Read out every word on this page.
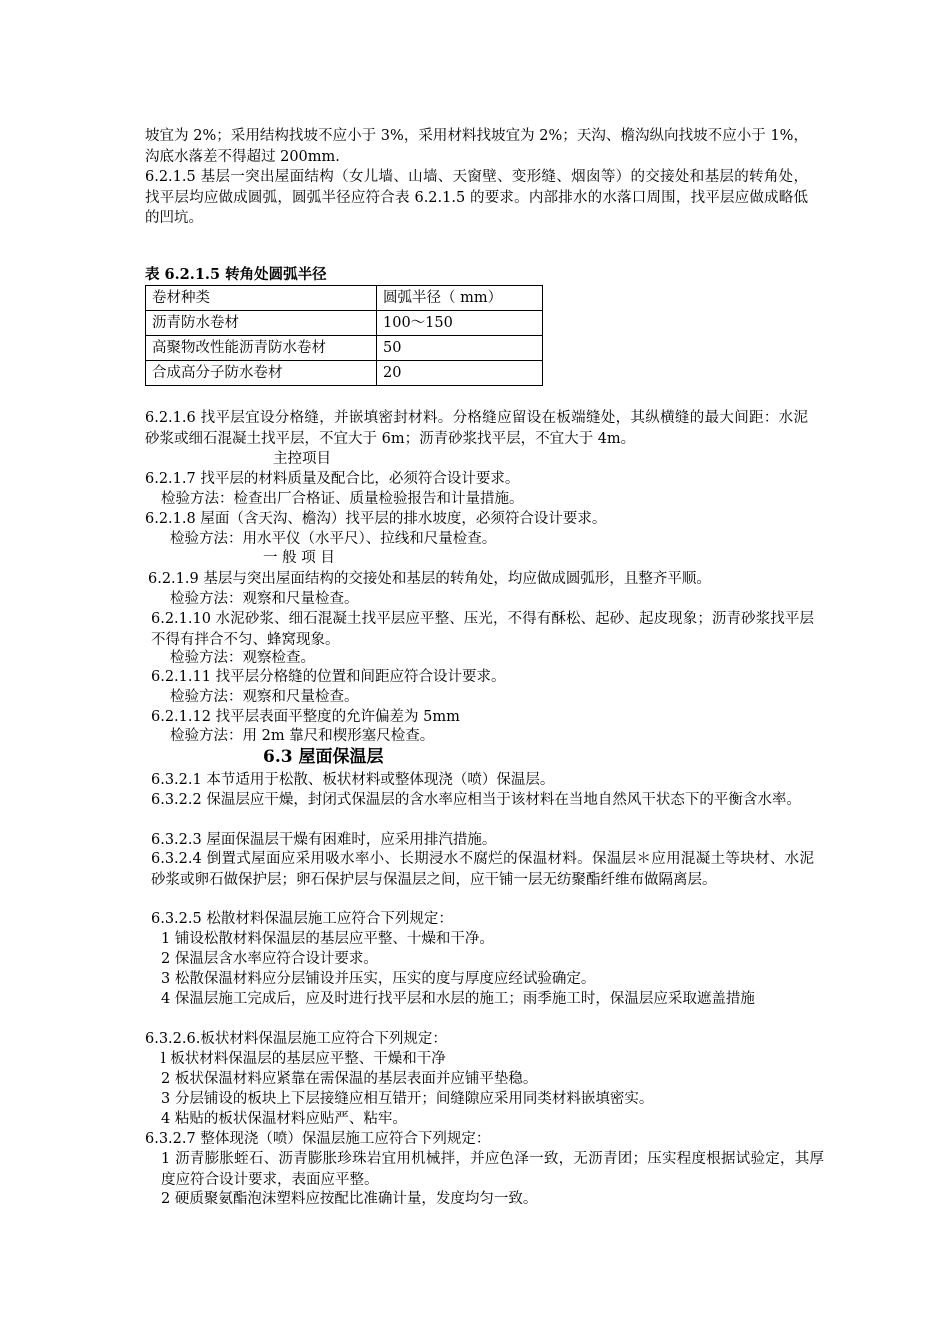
坡宜为 2%；采用结构找坡不应小于 3%，采用材料找坡宜为 2%；天沟、檐沟纵向找坡不应小于 1%，沟底水落差不得超过 200mm.

6.2.1.5 基层一突出屋面结构（女儿墙、山墙、天窗壁、变形缝、烟囱等）的交接处和基层的转角处，找平层均应做成圆弧，圆弧半径应符合表 6.2.1.5 的要求。内部排水的水落口周围，找平层应做成略低的凹坑。

表 6.2.1.5 转角处圆弧半径
卷材种类	圆弧半径（ mm）
沥青防水卷材	100～150
高聚物改性能沥青防水卷材	50
合成高分子防水卷材	20

6.2.1.6 找平层宜设分格缝，并嵌填密封材料。分格缝应留设在板端缝处，其纵横缝的最大间距：水泥砂浆或细石混凝土找平层，不宜大于 6m；沥青砂浆找平层，不宜大于 4m。

主控项目

6.2.1.7 找平层的材料质量及配合比，必须符合设计要求。

检验方法：检查出厂合格证、质量检验报告和计量措施。

6.2.1.8 屋面（含天沟、檐沟）找平层的排水坡度，必须符合设计要求。

检验方法：用水平仪（水平尺）、拉线和尺量检查。

一 般 项 目

6.2.1.9 基层与突出屋面结构的交接处和基层的转角处，均应做成圆弧形，且整齐平顺。

检验方法：观察和尺量检查。

6.2.1.10 水泥砂浆、细石混凝土找平层应平整、压光，不得有酥松、起砂、起皮现象；沥青砂浆找平层不得有拌合不匀、蜂窝现象。

检验方法：观察检查。

6.2.1.11 找平层分格缝的位置和间距应符合设计要求。

检验方法：观察和尺量检查。

6.2.1.12 找平层表面平整度的允许偏差为 5mm

检验方法：用 2m 靠尺和楔形塞尺检查。

6.3 屋面保温层

6.3.2.1 本节适用于松散、板状材料或整体现浇（喷）保温层。

6.3.2.2 保温层应干燥，封闭式保温层的含水率应相当于该材料在当地自然风干状态下的平衡含水率。

6.3.2.3 屋面保温层干燥有困难时，应采用排汽措施。

6.3.2.4 倒置式屋面应采用吸水率小、长期浸水不腐烂的保温材料。保温层＊应用混凝土等块材、水泥砂浆或卵石做保护层；卵石保护层与保温层之间，应干铺一层无纺聚酯纤维布做隔离层。

6.3.2.5 松散材料保温层施工应符合下列规定：

1 铺设松散材料保温层的基层应平整、十燥和干净。

2 保温层含水率应符合设计要求。

3 松散保温材料应分层铺设并压实，压实的度与厚度应经试验确定。

4 保温层施工完成后，应及时进行找平层和水层的施工；雨季施工时，保温层应采取遮盖措施

6.3.2.6.板状材料保温层施工应符合下列规定：

l 板状材料保温层的基层应平整、干燥和干净

2 板状保温材料应紧靠在需保温的基层表面并应铺平垫稳。

3 分层铺设的板块上下层接缝应相互错开；间缝隙应采用同类材料嵌填密实。

4 粘贴的板状保温材料应贴严、粘牢。

6.3.2.7 整体现浇（喷）保温层施工应符合下列规定：

1 沥青膨胀蛭石、沥青膨胀珍珠岩宜用机械拌，并应色泽一致，无沥青团；压实程度根据试验定，其厚度应符合设计要求，表面应平整。

2 硬质聚氨酯泡沫塑料应按配比准确计量，发度均匀一致。
